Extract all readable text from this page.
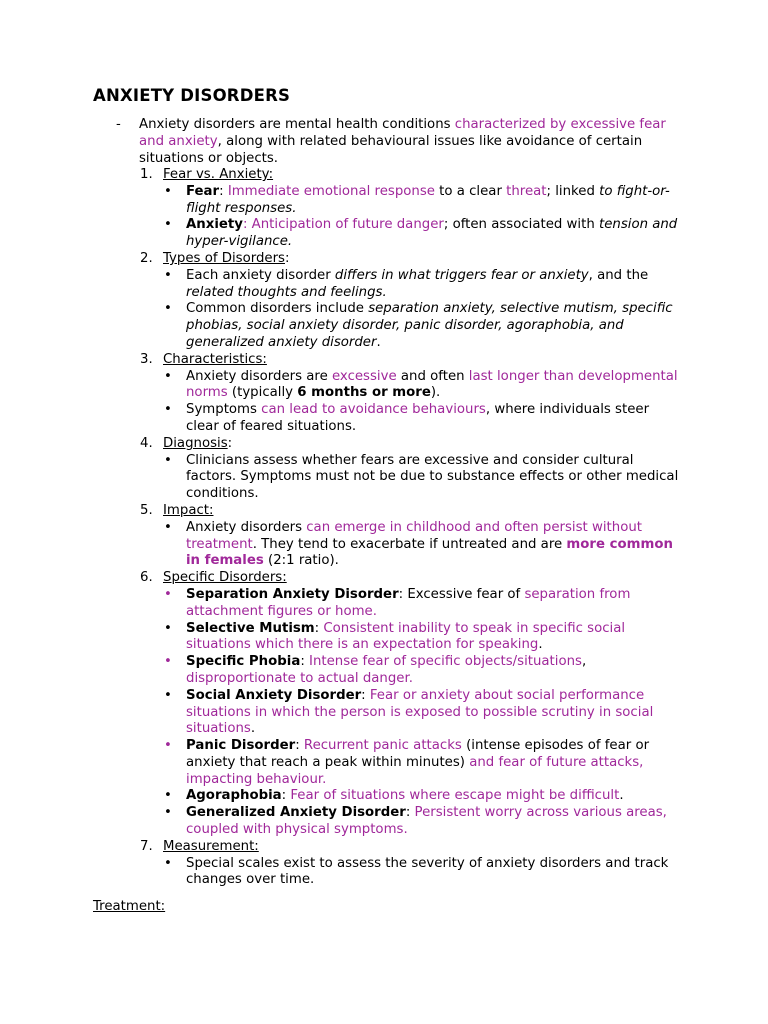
ANXIETY DISORDERS
- Anxiety disorders are mental health conditions characterized by excessive fear and anxiety, along with related behavioural issues like avoidance of certain situations or objects.
1. Fear vs. Anxiety:
•	Fear: Immediate emotional response to a clear threat; linked to fight-or-flight responses.
•	Anxiety: Anticipation of future danger; often associated with tension and hyper-vigilance.
2. Types of Disorders:
•	Each anxiety disorder differs in what triggers fear or anxiety, and the related thoughts and feelings.
•	Common disorders include separation anxiety, selective mutism, specific phobias, social anxiety disorder, panic disorder, agoraphobia, and generalized anxiety disorder.
3. Characteristics:
•	Anxiety disorders are excessive and often last longer than developmental norms (typically 6 months or more).
•	Symptoms can lead to avoidance behaviours, where individuals steer clear of feared situations.
4. Diagnosis:
•	Clinicians assess whether fears are excessive and consider cultural factors. Symptoms must not be due to substance effects or other medical conditions.
5. Impact:
•	Anxiety disorders can emerge in childhood and often persist without treatment. They tend to exacerbate if untreated and are more common in females (2:1 ratio).
6. Specific Disorders:
•	Separation Anxiety Disorder: Excessive fear of separation from attachment figures or home.
•	Selective Mutism: Consistent inability to speak in specific social situations which there is an expectation for speaking.
•	Specific Phobia: Intense fear of specific objects/situations, disproportionate to actual danger.
•	Social Anxiety Disorder: Fear or anxiety about social performance situations in which the person is exposed to possible scrutiny in social situations.
•	Panic Disorder: Recurrent panic attacks (intense episodes of fear or anxiety that reach a peak within minutes) and fear of future attacks, impacting behaviour.
•	Agoraphobia: Fear of situations where escape might be difficult.
•	Generalized Anxiety Disorder: Persistent worry across various areas, coupled with physical symptoms.
7. Measurement:
•	Special scales exist to assess the severity of anxiety disorders and track changes over time.
Treatment:
